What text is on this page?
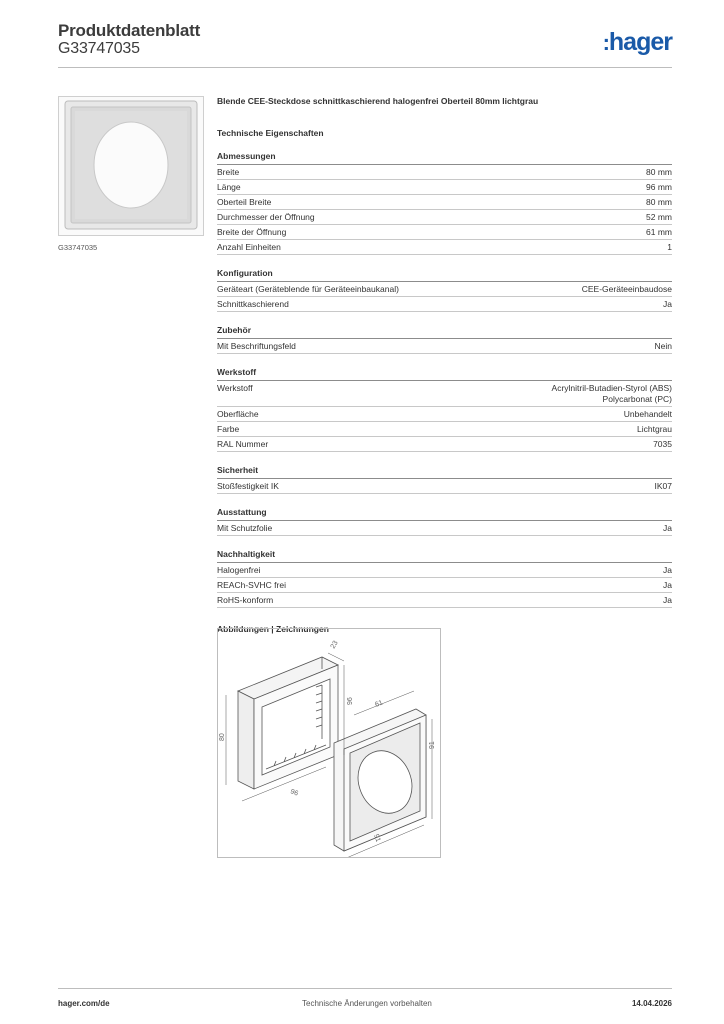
Produktdatenblatt
G33747035	:hager
G33747035
Blende CEE-Steckdose schnittkaschierend halogenfrei Oberteil 80mm lichtgrau
Technische Eigenschaften
Abmessungen
Breite	80 mm
Länge	96 mm
Oberteil Breite	80 mm
Durchmesser der Öffnung	52 mm
Breite der Öffnung	61 mm
Anzahl Einheiten	1
Konfiguration
Geräteart (Geräteblende für Geräteeinbaukanal)	CEE-Geräteeinbaudose
Schnittkaschierend	Ja
Zubehör
Mit Beschriftungsfeld	Nein
Werkstoff
Werkstoff	Acrylnitril-Butadien-Styrol (ABS)
Polycarbonat (PC)
Oberfläche	Unbehandelt
Farbe	Lichtgrau
RAL Nummer	7035
Sicherheit
Stoßfestigkeit IK	IK07
Ausstattung
Mit Schutzfolie	Ja
Nachhaltigkeit
Halogenfrei	Ja
REACh-SVHC frei	Ja
RoHS-konform	Ja
Abbildungen | Zeichnungen
23
80
96
96
61
91
91
hager.com/de	Technische Änderungen vorbehalten	14.04.2026
